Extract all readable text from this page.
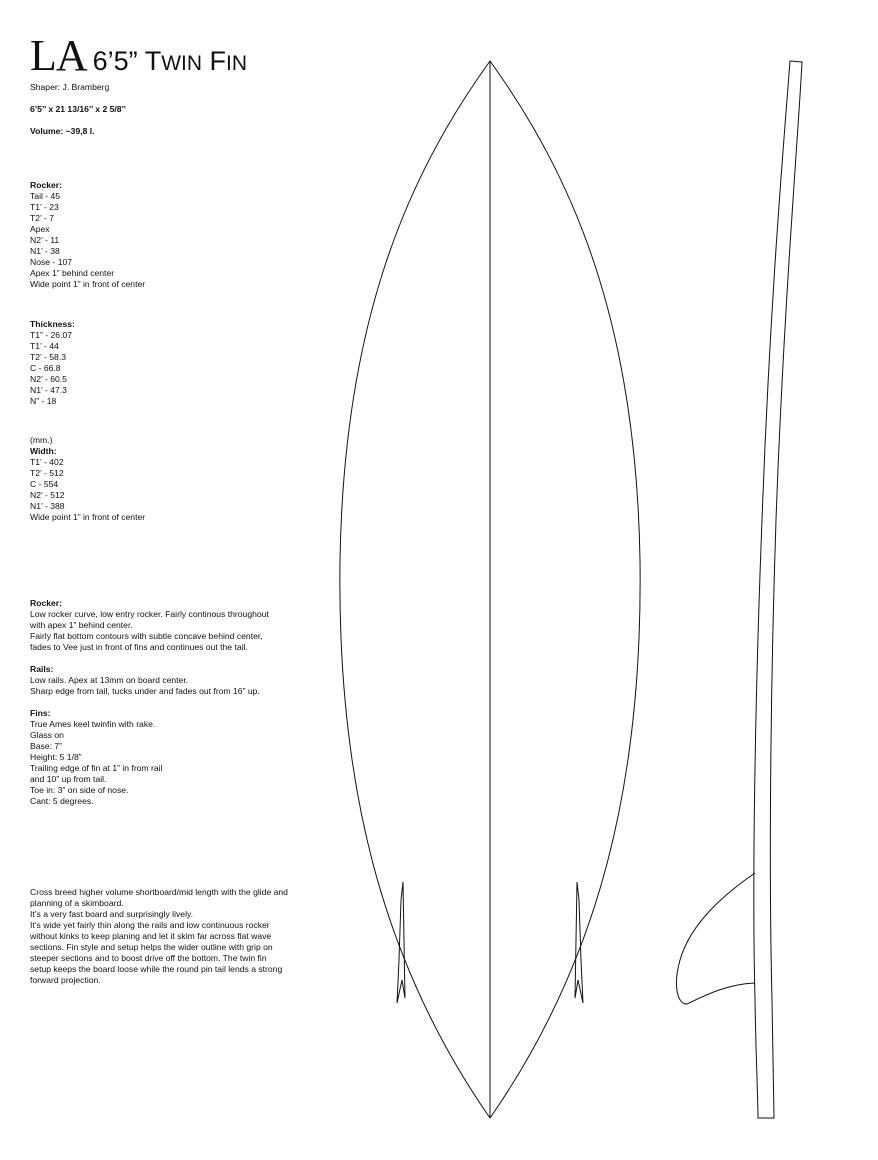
LA 6’5” TWIN FIN
Shaper: J. Bramberg
6’5’’ x 21 13/16’’ x 2 5/8’’
Volume: ~39,8 l.
Rocker:
Tail - 45
T1’ - 23
T2’ - 7
Apex
N2’ - 11
N1’ - 38
Nose - 107
Apex 1” behind center
Wide point 1” in front of center
Thickness:
T1” - 26.07
T1’ - 44
T2’ - 58.3
C - 66.8
N2’ - 60.5
N1’ - 47.3
N” - 18
(mm.)
Width:
T1’ - 402
T2’ - 512
C - 554
N2’ - 512
N1’ - 388
Wide point 1” in front of center
Rocker:
Low rocker curve, low entry rocker. Fairly continous throughout
with apex 1” behind center.
Fairly flat bottom contours with subtle concave behind center,
fades to Vee just in front of fins and continues out the tail.
Rails:
Low rails. Apex at 13mm on board center.
Sharp edge from tail, tucks under and fades out from 16” up.
Fins:
True Ames keel twinfin with rake.
Glass on
Base: 7”
Height: 5 1/8”
Trailing edge of fin at 1” in from rail
and 10” up from tail.
Toe in: 3” on side of nose.
Cant: 5 degrees.
Cross breed higher volume shortboard/mid length with the glide and
planning of a skimboard.
It’s a very fast board and surprisingly lively.
It’s wide yet fairly thin along the rails and low continuous rocker
without kinks to keep planing and let it skim far across flat wave
sections. Fin style and setup helps the wider outline with grip on
steeper sections and to boost drive off the bottom. The twin fin
setup keeps the board loose while the round pin tail lends a strong
forward projection.
